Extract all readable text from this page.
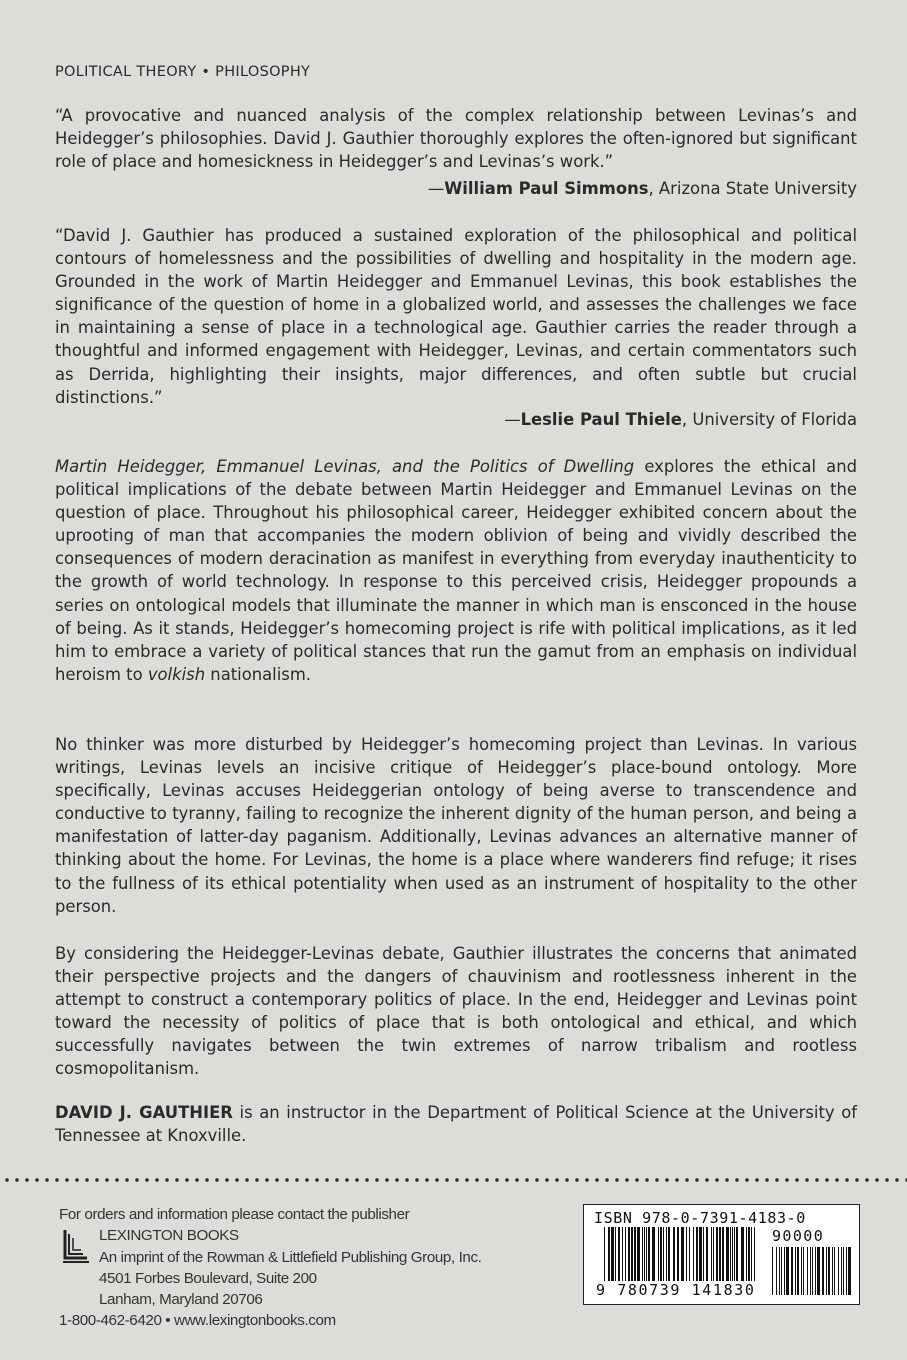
POLITICAL THEORY • PHILOSOPHY

“A provocative and nuanced analysis of the complex relationship between Levinas’s and Heidegger’s philosophies. David J. Gauthier thoroughly explores the often-ignored but significant role of place and homesickness in Heidegger’s and Levinas’s work.”

—William Paul Simmons, Arizona State University

“David J. Gauthier has produced a sustained exploration of the philosophical and political contours of homelessness and the possibilities of dwelling and hospitality in the modern age. Grounded in the work of Martin Heidegger and Emmanuel Levinas, this book establishes the significance of the question of home in a globalized world, and assesses the challenges we face in maintaining a sense of place in a technological age. Gauthier carries the reader through a thoughtful and informed engagement with Heidegger, Levinas, and certain commentators such as Derrida, highlighting their insights, major differences, and often subtle but crucial distinctions.”

—Leslie Paul Thiele, University of Florida

Martin Heidegger, Emmanuel Levinas, and the Politics of Dwelling explores the ethical and political implications of the debate between Martin Heidegger and Emmanuel Levinas on the question of place. Throughout his philosophical career, Heidegger exhibited concern about the uprooting of man that accompanies the modern oblivion of being and vividly described the consequences of modern deracination as manifest in everything from everyday inauthenticity to the growth of world technology. In response to this perceived crisis, Heidegger propounds a series on ontological models that illuminate the manner in which man is ensconced in the house of being. As it stands, Heidegger’s homecoming project is rife with political implications, as it led him to embrace a variety of political stances that run the gamut from an emphasis on individual heroism to volkish nationalism.

No thinker was more disturbed by Heidegger’s homecoming project than Levinas. In various writings, Levinas levels an incisive critique of Heidegger’s place-bound ontology. More specifically, Levinas accuses Heideggerian ontology of being averse to transcendence and conductive to tyranny, failing to recognize the inherent dignity of the human person, and being a manifestation of latter-day paganism. Additionally, Levinas advances an alternative manner of thinking about the home. For Levinas, the home is a place where wanderers find refuge; it rises to the fullness of its ethical potentiality when used as an instrument of hospitality to the other person.

By considering the Heidegger-Levinas debate, Gauthier illustrates the concerns that animated their perspective projects and the dangers of chauvinism and rootlessness inherent in the attempt to construct a contemporary politics of place. In the end, Heidegger and Levinas point toward the necessity of politics of place that is both ontological and ethical, and which successfully navigates between the twin extremes of narrow tribalism and rootless cosmopolitanism.

DAVID J. GAUTHIER is an instructor in the Department of Political Science at the University of Tennessee at Knoxville.

For orders and information please contact the publisher
LEXINGTON BOOKS
An imprint of the Rowman & Littlefield Publishing Group, Inc.
4501 Forbes Boulevard, Suite 200
Lanham, Maryland 20706
1-800-462-6420 • www.lexingtonbooks.com
ISBN 978-0-7391-4183-0
90000
9 780739 141830
